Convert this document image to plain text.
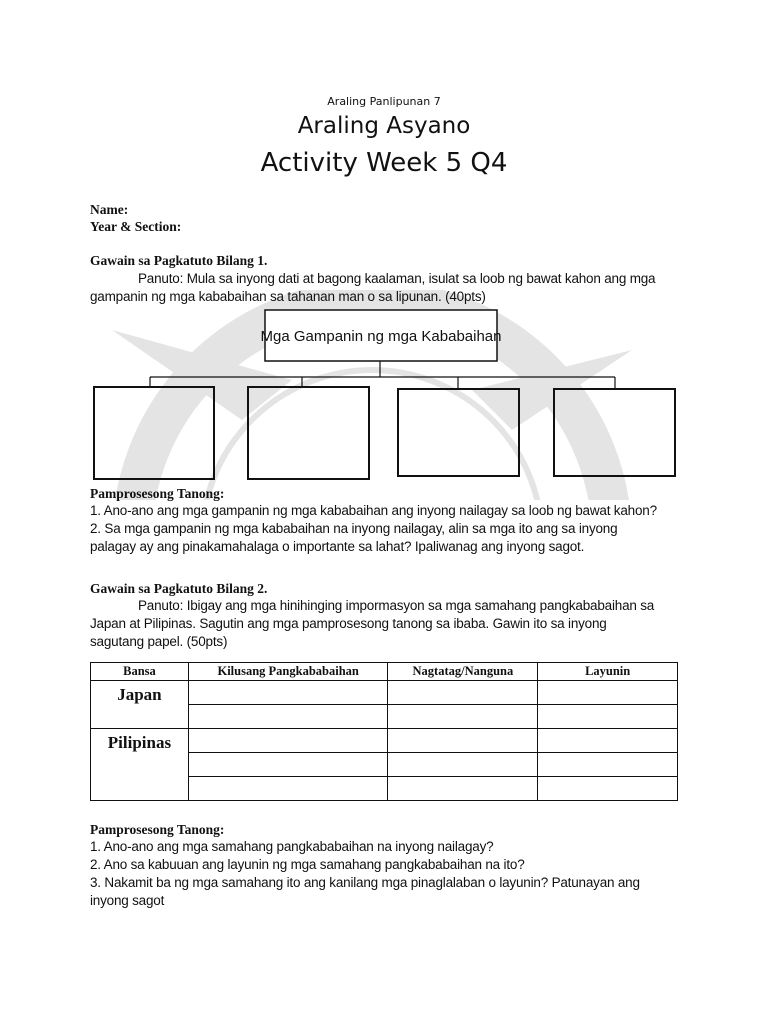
Araling Panlipunan 7
Araling Asyano
Activity Week 5 Q4
Name:
Year & Section:
Gawain sa Pagkatuto Bilang 1.
Panuto: Mula sa inyong dati at bagong kaalaman, isulat sa loob ng bawat kahon ang mga
gampanin ng mga kababaihan sa tahanan man o sa lipunan. (40pts)
Mga Gampanin ng mga Kababaihan
Pamprosesong Tanong:
1. Ano-ano ang mga gampanin ng mga kababaihan ang inyong nailagay sa loob ng bawat kahon?
2. Sa mga gampanin ng mga kababaihan na inyong nailagay, alin sa mga ito ang sa inyong
palagay ay ang pinakamahalaga o importante sa lahat? Ipaliwanag ang inyong sagot.
Gawain sa Pagkatuto Bilang 2.
Panuto: Ibigay ang mga hinihinging impormasyon sa mga samahang pangkababaihan sa
Japan at Pilipinas. Sagutin ang mga pamprosesong tanong sa ibaba. Gawin ito sa inyong
sagutang papel. (50pts)
Bansa	Kilusang Pangkababaihan	Nagtatag/Nanguna	Layunin
Japan			

Pilipinas			

Pamprosesong Tanong:
1. Ano-ano ang mga samahang pangkababaihan na inyong nailagay?
2. Ano sa kabuuan ang layunin ng mga samahang pangkababaihan na ito?
3. Nakamit ba ng mga samahang ito ang kanilang mga pinaglalaban o layunin? Patunayan ang
inyong sagot
